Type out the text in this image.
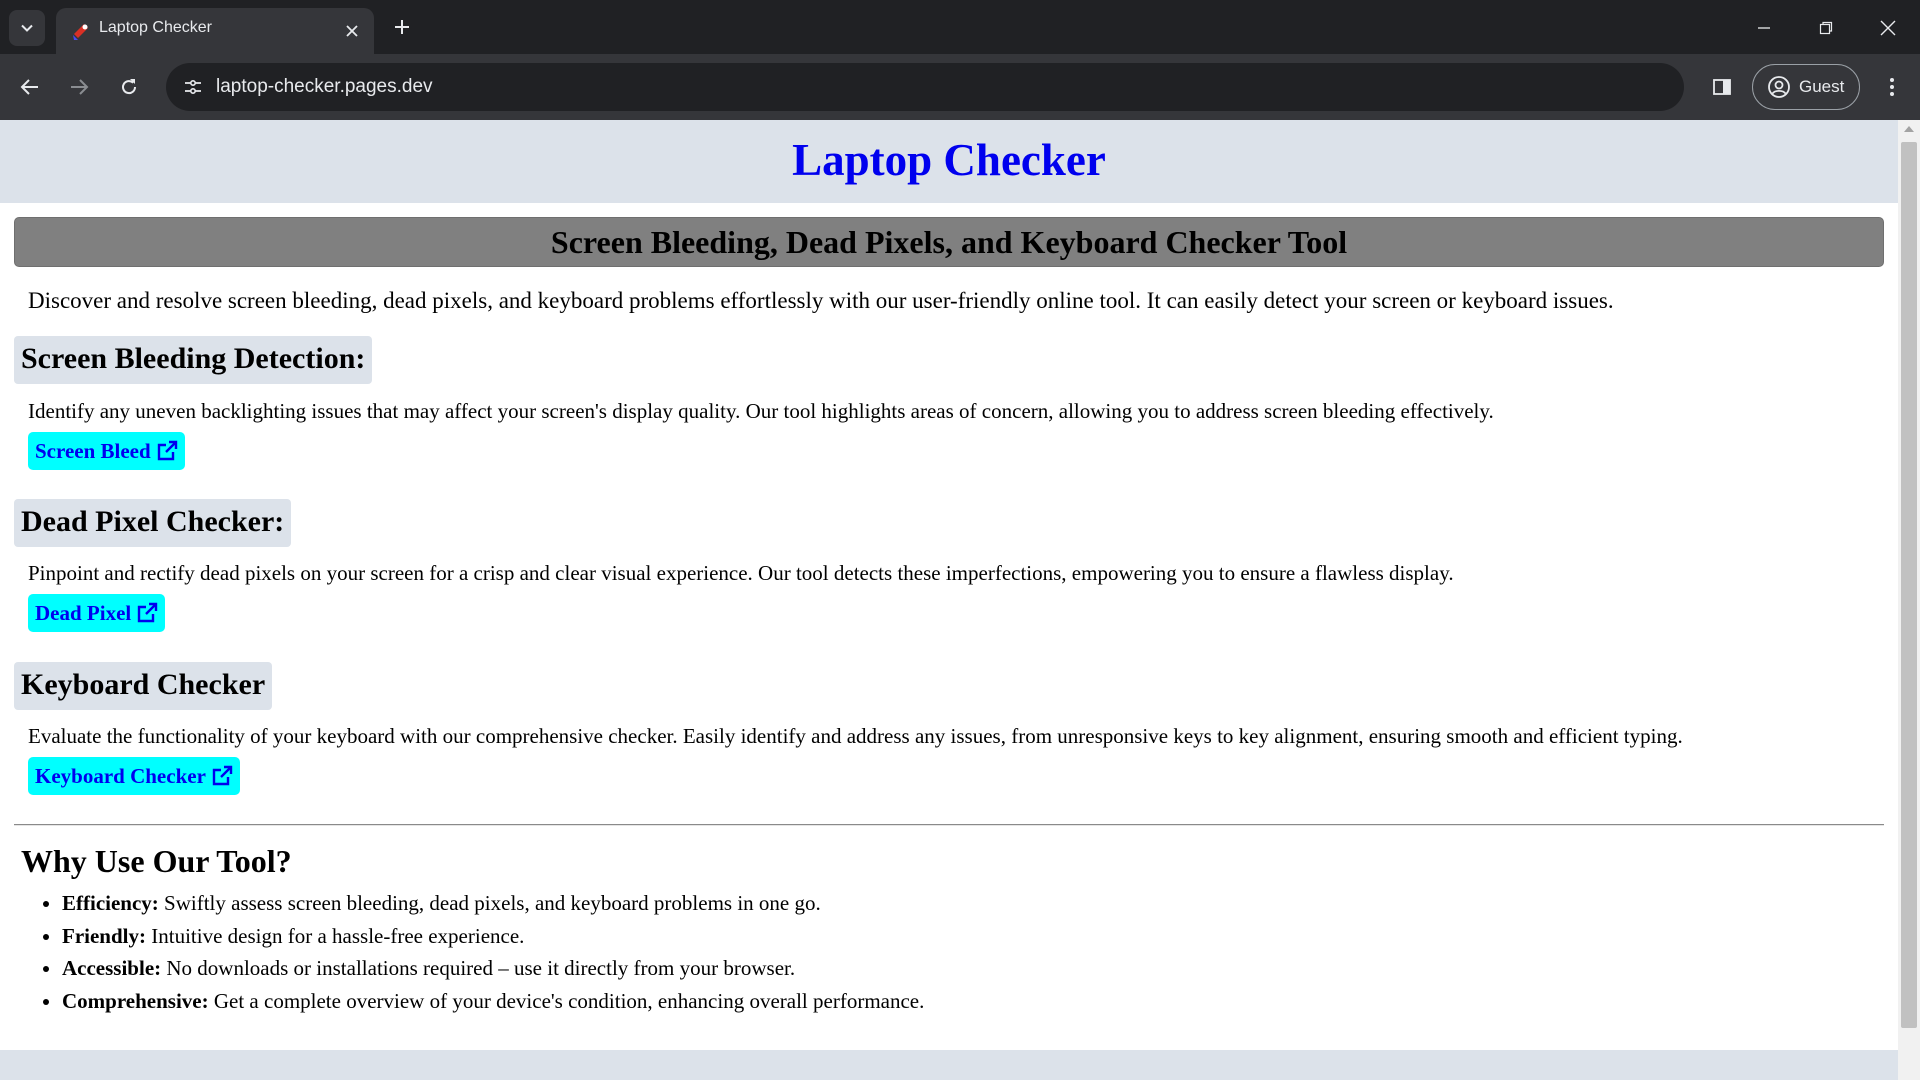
Laptop Checker
laptop-checker.pages.dev	Guest
Laptop Checker
Screen Bleeding, Dead Pixels, and Keyboard Checker Tool

Discover and resolve screen bleeding, dead pixels, and keyboard problems effortlessly with our user-friendly online tool. It can easily detect your screen or keyboard issues.

Screen Bleeding Detection:

Identify any uneven backlighting issues that may affect your screen's display quality. Our tool highlights areas of concern, allowing you to address screen bleeding effectively.

Screen Bleed
Dead Pixel Checker:

Pinpoint and rectify dead pixels on your screen for a crisp and clear visual experience. Our tool detects these imperfections, empowering you to ensure a flawless display.

Dead Pixel
Keyboard Checker

Evaluate the functionality of your keyboard with our comprehensive checker. Easily identify and address any issues, from unresponsive keys to key alignment, ensuring smooth and efficient typing.

Keyboard Checker
Why Use Our Tool?
• Efficiency: Swiftly assess screen bleeding, dead pixels, and keyboard problems in one go.
• Friendly: Intuitive design for a hassle-free experience.
• Accessible: No downloads or installations required – use it directly from your browser.
• Comprehensive: Get a complete overview of your device's condition, enhancing overall performance.
